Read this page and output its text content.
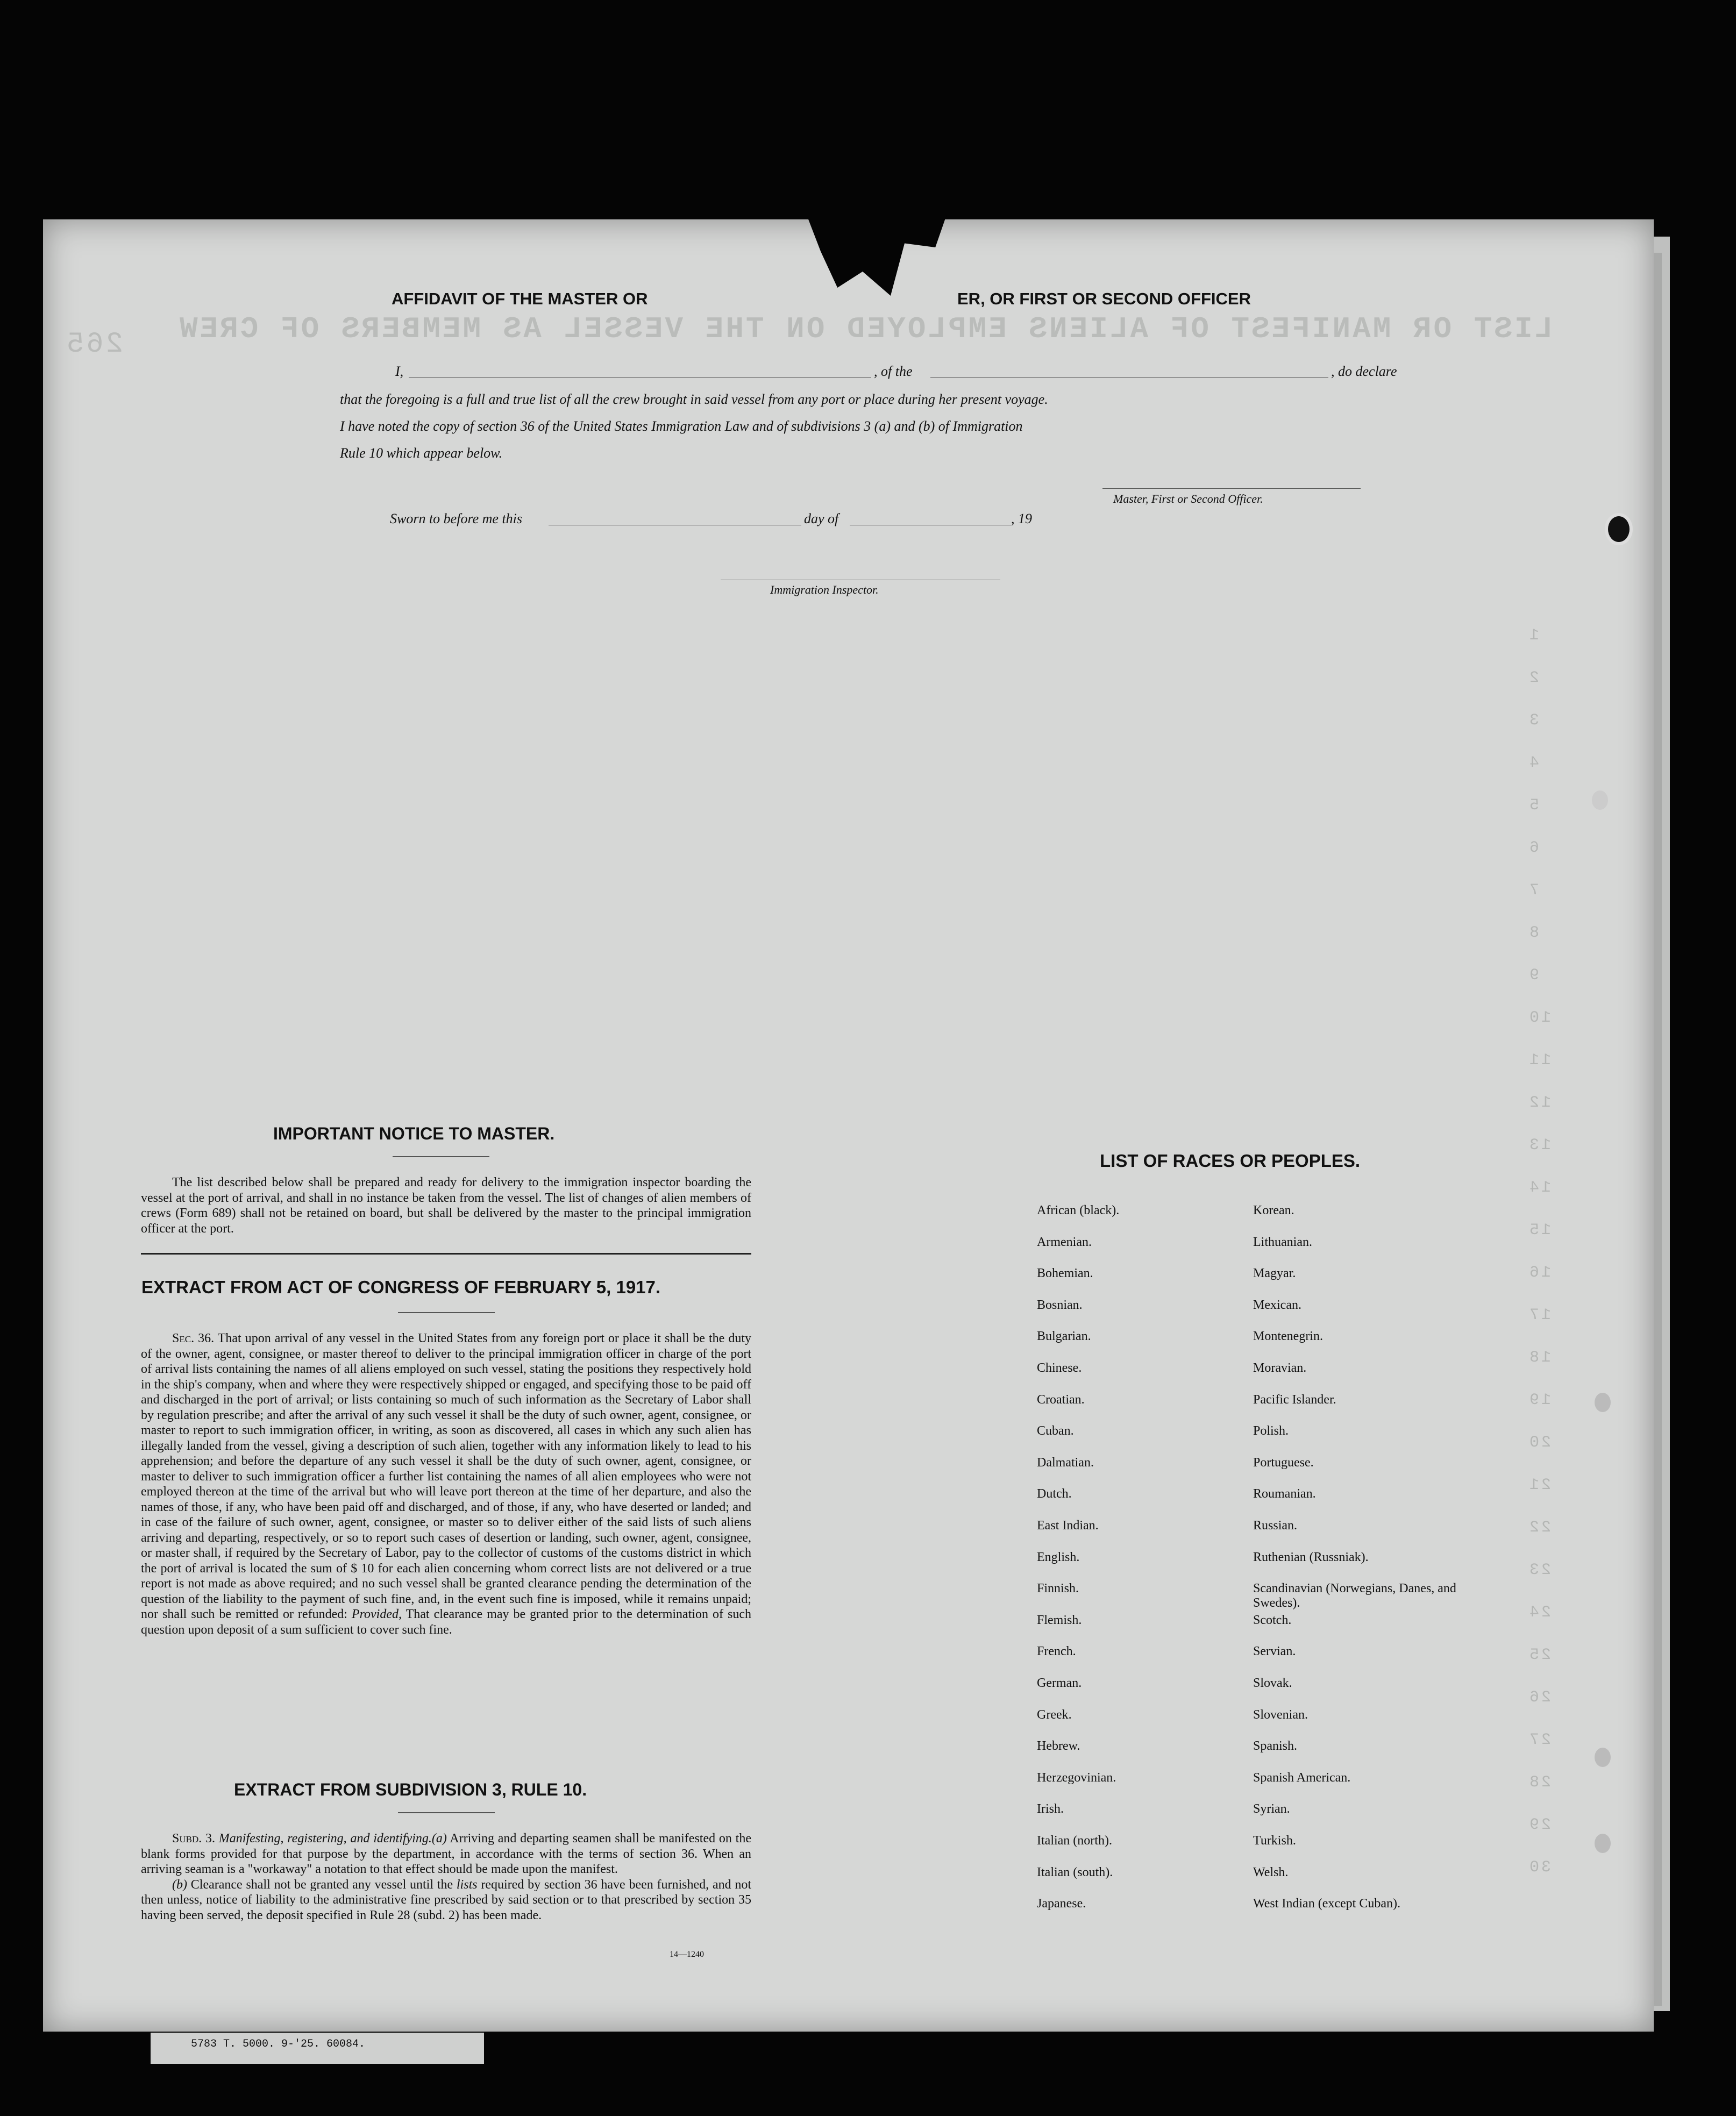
LIST OR MANIFEST OF ALIENS EMPLOYED ON THE VESSEL AS MEMBERS OF CREW
265
1
2
3
4
5
6
7
8
9
10
11
12
13
14
15
16
17
18
19
20
21
22
23
24
25
26
27
28
29
30
AFFIDAVIT OF THE MASTER OR	ER, OR FIRST OR SECOND OFFICER
I,	, of the	, do declare
that the foregoing is a full and true list of all the crew brought in said vessel from any port or place during her present voyage.
I have noted the copy of section 36 of the United States Immigration Law and of subdivisions 3 (a) and (b) of Immigration
Rule 10 which appear below.
Master, First or Second Officer.
Sworn to before me this	day of	, 19
Immigration Inspector.
IMPORTANT NOTICE TO MASTER.
The list described below shall be prepared and ready for delivery to the immigration inspector boarding the vessel at the port of arrival, and shall in no instance be taken from the vessel. The list of changes of alien members of crews (Form 689) shall not be retained on board, but shall be delivered by the master to the principal immigration officer at the port.
EXTRACT FROM ACT OF CONGRESS OF FEBRUARY 5, 1917.

Sec. 36. That upon arrival of any vessel in the United States from any foreign port or place it shall be the duty of the owner, agent, consignee, or master thereof to deliver to the principal immigration officer in charge of the port of arrival lists containing the names of all aliens employed on such vessel, stating the positions they respectively hold in the ship's company, when and where they were respectively shipped or engaged, and specifying those to be paid off and discharged in the port of arrival; or lists containing so much of such information as the Secretary of Labor shall by regulation prescribe; and after the arrival of any such vessel it shall be the duty of such owner, agent, consignee, or master to report to such immigration officer, in writing, as soon as discovered, all cases in which any such alien has illegally landed from the vessel, giving a description of such alien, together with any information likely to lead to his apprehension; and before the departure of any such vessel it shall be the duty of such owner, agent, consignee, or master to deliver to such immigration officer a further list containing the names of all alien employees who were not employed thereon at the time of the arrival but who will leave port thereon at the time of her departure, and also the names of those, if any, who have been paid off and discharged, and of those, if any, who have deserted or landed; and in case of the failure of such owner, agent, consignee, or master so to deliver either of the said lists of such aliens arriving and departing, respectively, or so to report such cases of desertion or landing, such owner, agent, consignee, or master shall, if required by the Secretary of Labor, pay to the collector of customs of the customs district in which the port of arrival is located the sum of $ 10 for each alien concerning whom correct lists are not delivered or a true report is not made as above required; and no such vessel shall be granted clearance pending the determination of the question of the liability to the payment of such fine, and, in the event such fine is imposed, while it remains unpaid; nor shall such be remitted or refunded: Provided, That clearance may be granted prior to the determination of such question upon deposit of a sum sufficient to cover such fine.

EXTRACT FROM SUBDIVISION 3, RULE 10.

Subd. 3. Manifesting, registering, and identifying.(a) Arriving and departing seamen shall be manifested on the blank forms provided for that purpose by the department, in accordance with the terms of section 36. When an arriving seaman is a "workaway" a notation to that effect should be made upon the manifest.

(b) Clearance shall not be granted any vessel until the lists required by section 36 have been furnished, and not then unless, notice of liability to the administrative fine prescribed by said section or to that prescribed by section 35 having been served, the deposit specified in Rule 28 (subd. 2) has been made.

14—1240
LIST OF RACES OR PEOPLES.
African (black).
Armenian.
Bohemian.
Bosnian.
Bulgarian.
Chinese.
Croatian.
Cuban.
Dalmatian.
Dutch.
East Indian.
English.
Finnish.
Flemish.
French.
German.
Greek.
Hebrew.
Herzegovinian.
Irish.
Italian (north).
Italian (south).
Japanese.
Korean.
Lithuanian.
Magyar.
Mexican.
Montenegrin.
Moravian.
Pacific Islander.
Polish.
Portuguese.
Roumanian.
Russian.
Ruthenian (Russniak).
Scandinavian (Norwegians, Danes, and Swedes).
Scotch.
Servian.
Slovak.
Slovenian.
Spanish.
Spanish American.
Syrian.
Turkish.
Welsh.
West Indian (except Cuban).
5783 T. 5000. 9-'25. 60084.
